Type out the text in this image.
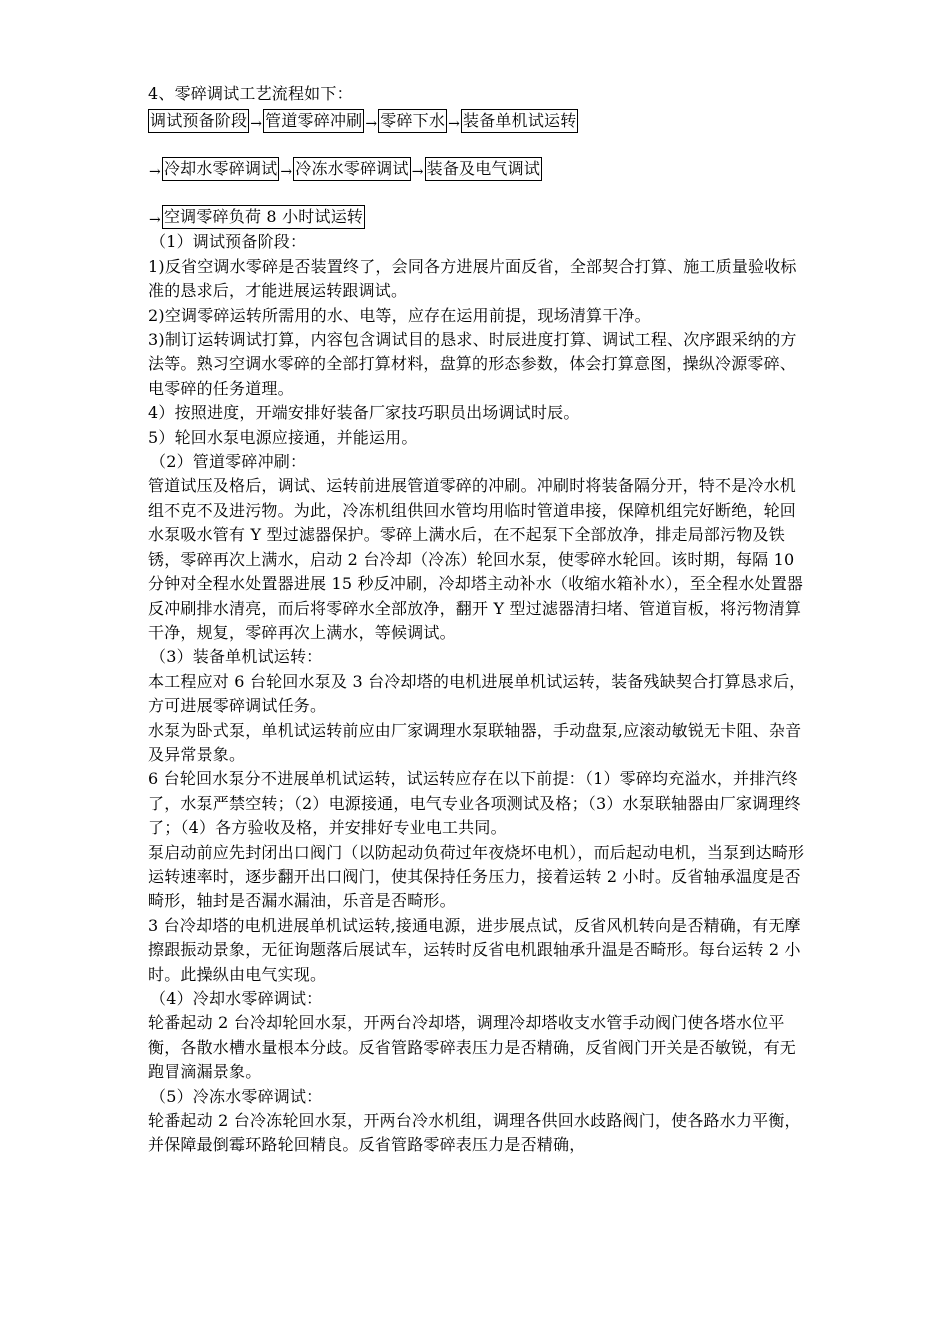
4、零碎调试工艺流程如下：
调试预备阶段 → 管道零碎冲刷 → 零碎下水 → 装备单机试运转
→ 冷却水零碎调试 → 冷冻水零碎调试 → 装备及电气调试
→ 空调零碎负荷 8 小时试运转
（1）调试预备阶段：

1)反省空调水零碎是否装置终了，会同各方进展片面反省，全部契合打算、施工质量验收标准的恳求后，才能进展运转跟调试。

2)空调零碎运转所需用的水、电等，应存在运用前提，现场清算干净。

3)制订运转调试打算，内容包含调试目的恳求、时辰进度打算、调试工程、次序跟采纳的方法等。熟习空调水零碎的全部打算材料，盘算的形态参数，体会打算意图，操纵冷源零碎、电零碎的任务道理。

4）按照进度，开端安排好装备厂家技巧职员出场调试时辰。

5）轮回水泵电源应接通，并能运用。

（2）管道零碎冲刷：

管道试压及格后，调试、运转前进展管道零碎的冲刷。冲刷时将装备隔分开，特不是冷水机组不克不及进污物。为此，冷冻机组供回水管均用临时管道串接，保障机组完好断绝，轮回水泵吸水管有 Y 型过滤器保护。零碎上满水后，在不起泵下全部放净，排走局部污物及铁锈，零碎再次上满水，启动 2 台冷却（冷冻）轮回水泵，使零碎水轮回。该时期，每隔 10 分钟对全程水处置器进展 15 秒反冲刷，冷却塔主动补水（收缩水箱补水），至全程水处置器反冲刷排水清亮，而后将零碎水全部放净，翻开 Y 型过滤器清扫堵、管道盲板，将污物清算干净，规复，零碎再次上满水，等候调试。

（3）装备单机试运转：

本工程应对 6 台轮回水泵及 3 台冷却塔的电机进展单机试运转，装备残缺契合打算恳求后，方可进展零碎调试任务。

水泵为卧式泵，单机试运转前应由厂家调理水泵联轴器，手动盘泵,应滚动敏锐无卡阻、杂音及异常景象。

6 台轮回水泵分不进展单机试运转，试运转应存在以下前提：（1）零碎均充溢水，并排汽终了，水泵严禁空转；（2）电源接通，电气专业各项测试及格；（3）水泵联轴器由厂家调理终了；（4）各方验收及格，并安排好专业电工共同。

泵启动前应先封闭出口阀门（以防起动负荷过年夜烧坏电机），而后起动电机，当泵到达畸形运转速率时，逐步翻开出口阀门，使其保持任务压力，接着运转 2 小时。反省轴承温度是否畸形，轴封是否漏水漏油，乐音是否畸形。

3 台冷却塔的电机进展单机试运转,接通电源，进步展点试，反省风机转向是否精确，有无摩擦跟振动景象，无征询题落后展试车，运转时反省电机跟轴承升温是否畸形。每台运转 2 小时。此操纵由电气实现。

（4）冷却水零碎调试：

轮番起动 2 台冷却轮回水泵，开两台冷却塔，调理冷却塔收支水管手动阀门使各塔水位平衡，各散水槽水量根本分歧。反省管路零碎表压力是否精确，反省阀门开关是否敏锐，有无跑冒滴漏景象。

（5）冷冻水零碎调试：

轮番起动 2 台冷冻轮回水泵，开两台冷水机组，调理各供回水歧路阀门，使各路水力平衡，并保障最倒霉环路轮回精良。反省管路零碎表压力是否精确，
